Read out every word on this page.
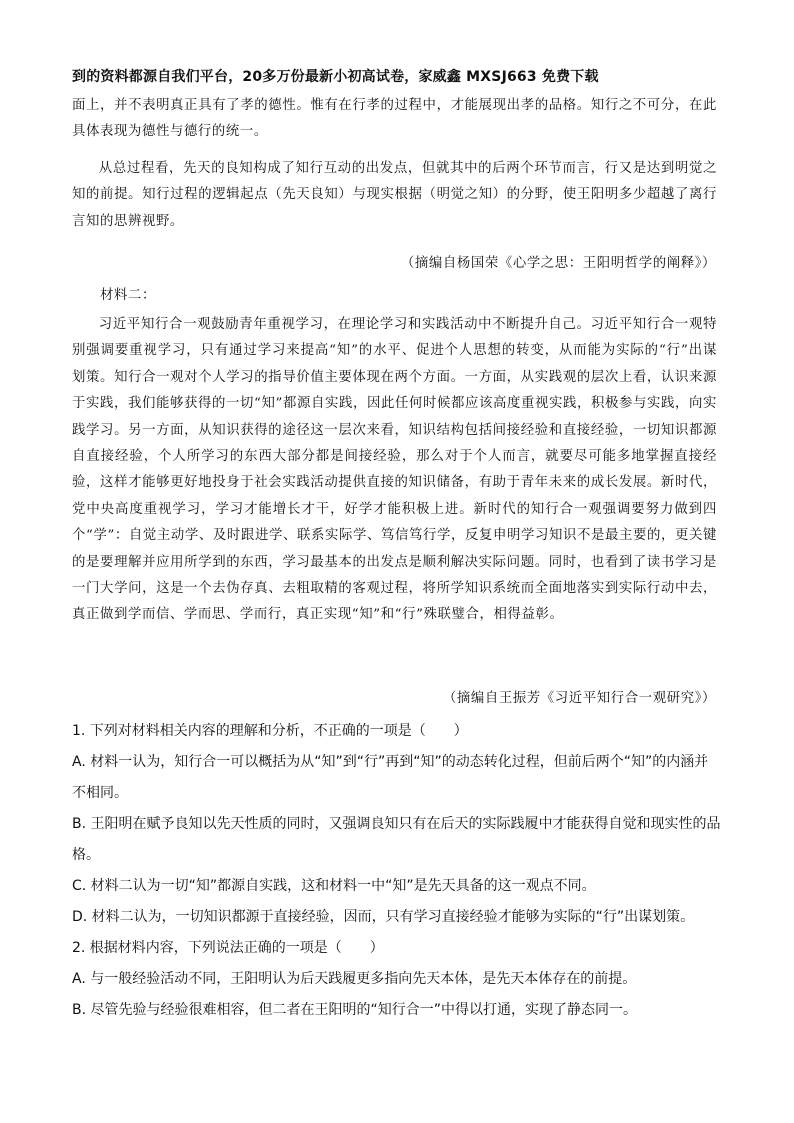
到的资料都源自我们平台，20多万份最新小初高试卷，家威鑫 MXSJ663 免费下载

面上，并不表明真正具有了孝的德性。惟有在行孝的过程中，才能展现出孝的品格。知行之不可分，在此具体表现为德性与德行的统一。

从总过程看，先天的良知构成了知行互动的出发点，但就其中的后两个环节而言，行又是达到明觉之知的前提。知行过程的逻辑起点（先天良知）与现实根据（明觉之知）的分野，使王阳明多少超越了离行言知的思辨视野。

（摘编自杨国荣《心学之思：王阳明哲学的阐释》）
材料二：

习近平知行合一观鼓励青年重视学习，在理论学习和实践活动中不断提升自己。习近平知行合一观特别强调要重视学习，只有通过学习来提高“知”的水平、促进个人思想的转变，从而能为实际的“行”出谋划策。知行合一观对个人学习的指导价值主要体现在两个方面。一方面，从实践观的层次上看，认识来源于实践，我们能够获得的一切“知”都源自实践，因此任何时候都应该高度重视实践，积极参与实践，向实践学习。另一方面，从知识获得的途径这一层次来看，知识结构包括间接经验和直接经验，一切知识都源自直接经验，个人所学习的东西大部分都是间接经验，那么对于个人而言，就要尽可能多地掌握直接经验，这样才能够更好地投身于社会实践活动提供直接的知识储备，有助于青年未来的成长发展。新时代，党中央高度重视学习，学习才能增长才干，好学才能积极上进。新时代的知行合一观强调要努力做到四个“学”：自觉主动学、及时跟进学、联系实际学、笃信笃行学，反复申明学习知识不是最主要的，更关键的是要理解并应用所学到的东西，学习最基本的出发点是顺利解决实际问题。同时，也看到了读书学习是一门大学问，这是一个去伪存真、去粗取精的客观过程，将所学知识系统而全面地落实到实际行动中去，真正做到学而信、学而思、学而行，真正实现“知”和“行”殊联璧合，相得益彰。

（摘编自王振芳《习近平知行合一观研究》）
1. 下列对材料相关内容的理解和分析，不正确的一项是（　　）
A. 材料一认为，知行合一可以概括为从“知”到“行”再到“知”的动态转化过程，但前后两个“知”的内涵并不相同。
B. 王阳明在赋予良知以先天性质的同时，又强调良知只有在后天的实际践履中才能获得自觉和现实性的品格。
C. 材料二认为一切“知”都源自实践，这和材料一中“知”是先天具备的这一观点不同。
D. 材料二认为，一切知识都源于直接经验，因而，只有学习直接经验才能够为实际的“行”出谋划策。
2. 根据材料内容，下列说法正确的一项是（　　）
A. 与一般经验活动不同，王阳明认为后天践履更多指向先天本体，是先天本体存在的前提。
B. 尽管先验与经验很难相容，但二者在王阳明的“知行合一”中得以打通，实现了静态同一。
